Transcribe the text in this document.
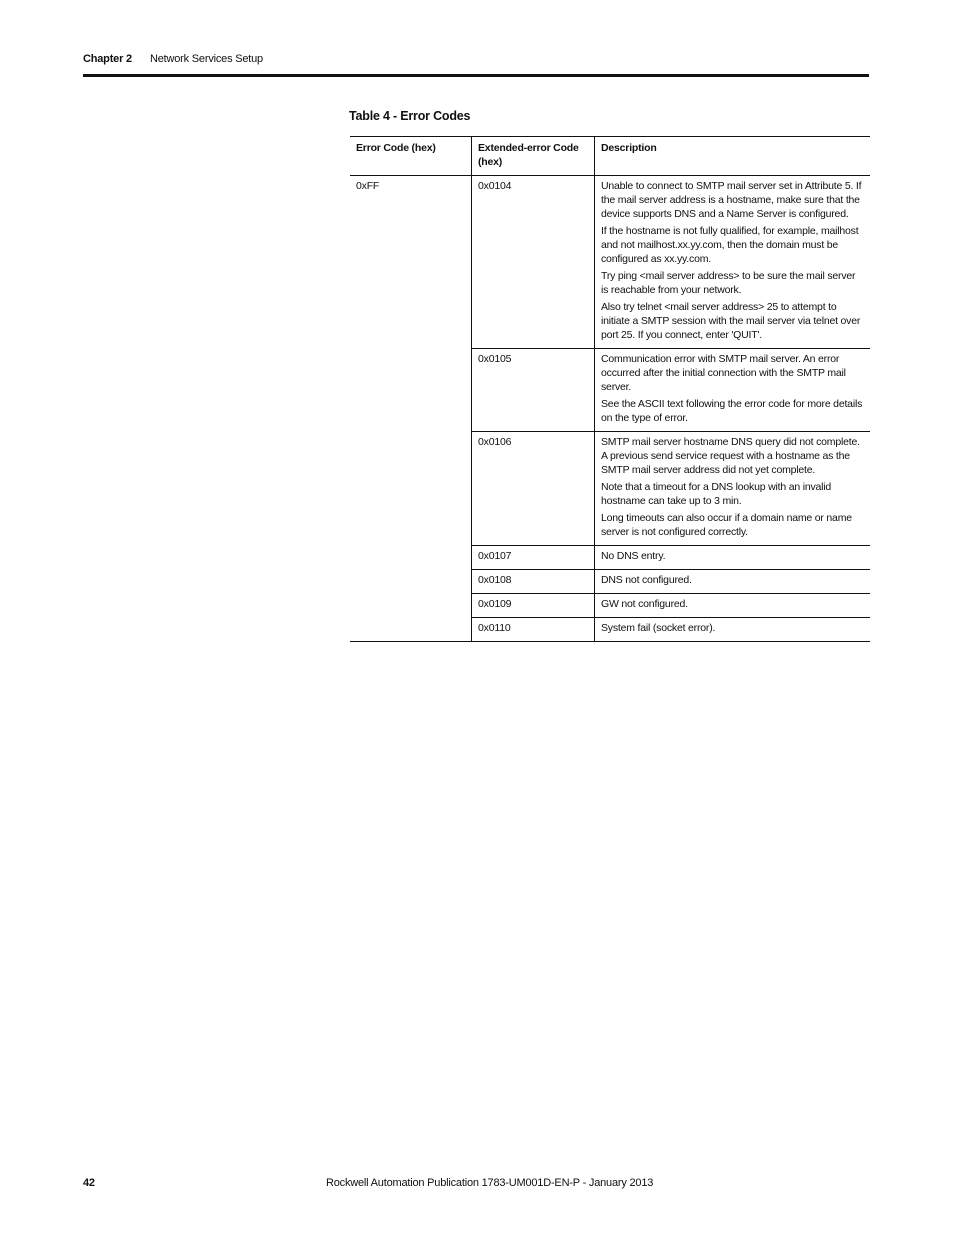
Chapter 2 Network Services Setup
Table 4 - Error Codes
Error Code (hex)	Extended-error Code (hex)	Description
0xFF	0x0104	Unable to connect to SMTP mail server set in Attribute 5. If the mail server address is a hostname, make sure that the device supports DNS and a Name Server is configured.

If the hostname is not fully qualified, for example, mailhost and not mailhost.xx.yy.com, then the domain must be configured as xx.yy.com.

Try ping <mail server address> to be sure the mail server is reachable from your network.

Also try telnet <mail server address> 25 to attempt to initiate a SMTP session with the mail server via telnet over port 25. If you connect, enter 'QUIT'.

	0x0105	Communication error with SMTP mail server. An error occurred after the initial connection with the SMTP mail server.

See the ASCII text following the error code for more details on the type of error.

	0x0106	SMTP mail server hostname DNS query did not complete. A previous send service request with a hostname as the SMTP mail server address did not yet complete.

Note that a timeout for a DNS lookup with an invalid hostname can take up to 3 min.

Long timeouts can also occur if a domain name or name server is not configured correctly.

	0x0107	No DNS entry.

	0x0108	DNS not configured.

	0x0109	GW not configured.

	0x0110	System fail (socket error).

42	Rockwell Automation Publication 1783-UM001D-EN-P - January 2013
